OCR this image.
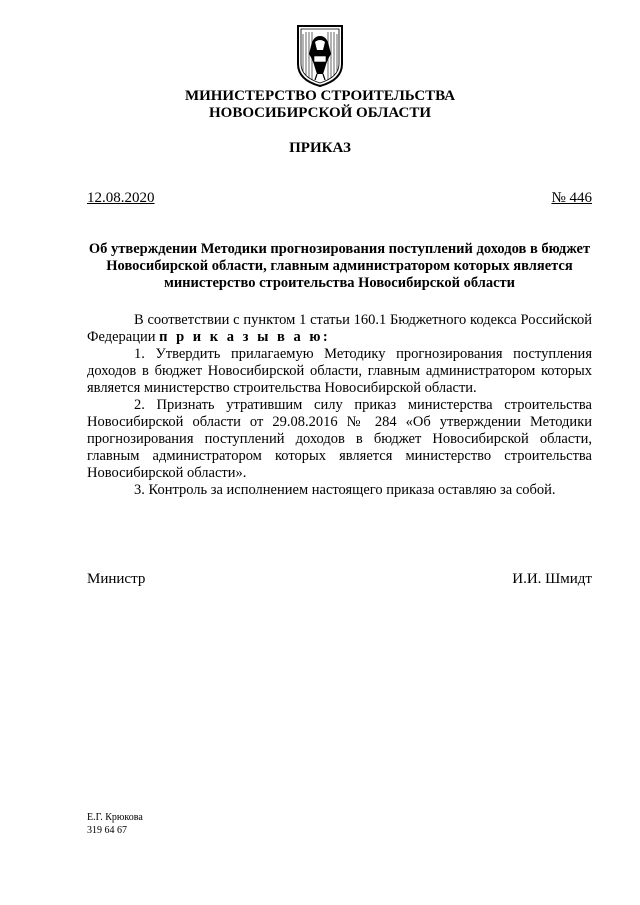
МИНИСТЕРСТВО СТРОИТЕЛЬСТВА
НОВОСИБИРСКОЙ ОБЛАСТИ
ПРИКАЗ
12.08.2020	№ 446
Об утверждении Методики прогнозирования поступлений доходов в бюджет Новосибирской области, главным администратором которых является министерство строительства Новосибирской области

В соответствии с пунктом 1 статьи 160.1 Бюджетного кодекса Российской Федерации п р и к а з ы в а ю:

1. Утвердить прилагаемую Методику прогнозирования поступления доходов в бюджет Новосибирской области, главным администратором которых является министерство строительства Новосибирской области.

2. Признать утратившим силу приказ министерства строительства Новосибирской области от 29.08.2016 № 284 «Об утверждении Методики прогнозирования поступлений доходов в бюджет Новосибирской области, главным администратором которых является министерство строительства Новосибирской области».

3. Контроль за исполнением настоящего приказа оставляю за собой.

Министр	И.И. Шмидт
Е.Г. Крюкова
319 64 67
